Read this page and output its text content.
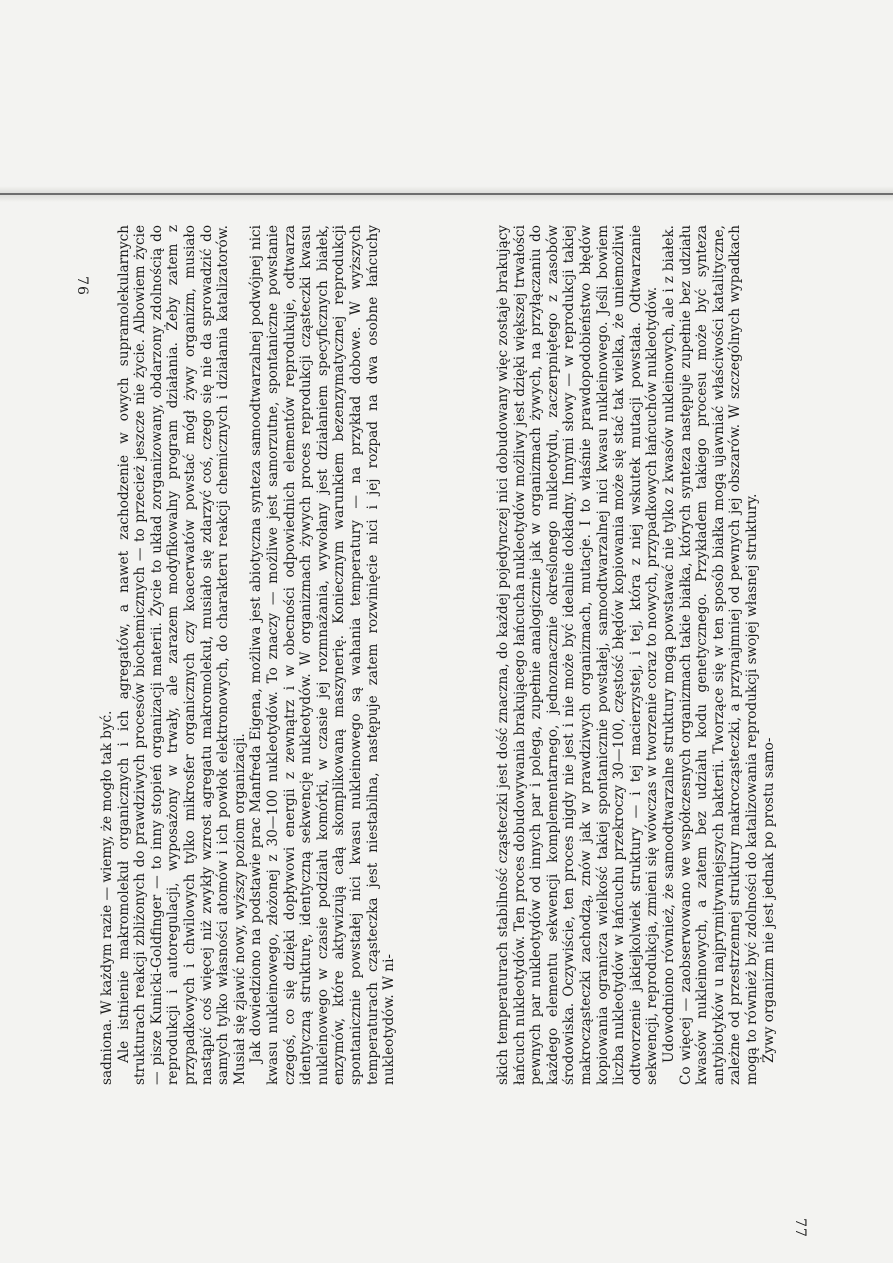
sadniona. W każdym razie — wiemy, że mogło tak być. Ale istnienie makromolekuł organicznych i ich agregatów, a nawet zachodzenie w owych supramolekularnych strukturach reakcji zbliżonych do prawdziwych procesów biochemicznych — to przecież jeszcze nie życie. Albowiem życie — pisze Kunicki-Goldfinger — to inny stopień organizacji materii. Życie to układ zorganizowany, obdarzony zdolnością do reprodukcji i autoregulacji, wyposażony w trwały, ale zarazem modyfikowalny program działania. Żeby zatem z przypadkowych i chwilowych tylko mikrosfer organicznych czy koacerwatów powstać mógł żywy organizm, musiało nastąpić coś więcej niż zwykły wzrost agregatu makromolekuł, musiało się zdarzyć coś, czego się nie da sprowadzić do samych tylko własności atomów i ich powłok elektronowych, do charakteru reakcji chemicznych i działania katalizatorów. Musiał się zjawić nowy, wyższy poziom organizacji. Jak dowiedziono na podstawie prac Manfreda Eigena, możliwa jest abiotyczna synteza samoodtwarzalnej podwójnej nici kwasu nukleinowego, złożonej z 30—100 nukleotydów. To znaczy — możliwe jest samorzutne, spontaniczne powstanie czegoś, co się dzięki dopływowi energii z zewnątrz i w obecności odpowiednich elementów reprodukuje, odtwarza identyczną strukturę, identyczną sekwencję nukleotydów. W organizmach żywych proces reprodukcji cząsteczki kwasu nukleinowego w czasie podziału komórki, w czasie jej rozmnażania, wywołany jest działaniem specyficznych białek, enzymów, które aktywizują całą skomplikowaną maszynerię. Koniecznym warunkiem bezenzymatycznej reprodukcji spontanicznie powstałej nici kwasu nukleinowego są wahania temperatury — na przykład dobowe. W wyższych temperaturach cząsteczka jest niestabilna, następuje zatem rozwinięcie nici i jej rozpad na dwa osobne łańcuchy nukleotydów. W ni-	skich temperaturach stabilność cząsteczki jest dość znaczna, do każdej pojedynczej nici dobudowany więc zostaje brakujący łańcuch nukleotydów. Ten proces dobudowywania brakującego łańcucha nukleotydów możliwy jest dzięki większej trwałości pewnych par nukleotydów od innych par i polega, zupełnie analogicznie jak w organizmach żywych, na przyłączaniu do każdego elementu sekwencji komplementarnego, jednoznacznie określonego nukleotydu, zaczerpniętego z zasobów środowiska. Oczywiście, ten proces nigdy nie jest i nie może być idealnie dokładny. Innymi słowy — w reprodukcji takiej makrocząsteczki zachodzą, znów jak w prawdziwych organizmach, mutacje. I to właśnie prawdopodobieństwo błędów kopiowania ogranicza wielkość takiej spontanicznie powstałej, samoodtwarzalnej nici kwasu nukleinowego. Jeśli bowiem liczba nukleotydów w łańcuchu przekroczy 30—100, częstość błędów kopiowania może się stać tak wielka, że uniemożliwi odtworzenie jakiejkolwiek struktury — i tej macierzystej, i tej, która z niej wskutek mutacji powstała. Odtwarzanie sekwencji, reprodukcja, zmieni się wówczas w tworzenie coraz to nowych, przypadkowych łańcuchów nukleotydów. Udowodniono również, że samoodtwarzalne struktury mogą powstawać nie tylko z kwasów nukleinowych, ale i z białek. Co więcej — zaobserwowano we współczesnych organizmach takie białka, których synteza następuje zupełnie bez udziału kwasów nukleinowych, a zatem bez udziału kodu genetycznego. Przykładem takiego procesu może być synteza antybiotyków u najprymitywniejszych bakterii. Tworzące się w ten sposób białka mogą ujawniać właściwości katalityczne, zależne od przestrzennej struktury makrocząsteczki, a przynajmniej od pewnych jej obszarów. W szczególnych wypadkach mogą to również być zdolności do katalizowania reprodukcji swojej własnej struktury. Żywy organizm nie jest jednak po prostu samo-

76
77
